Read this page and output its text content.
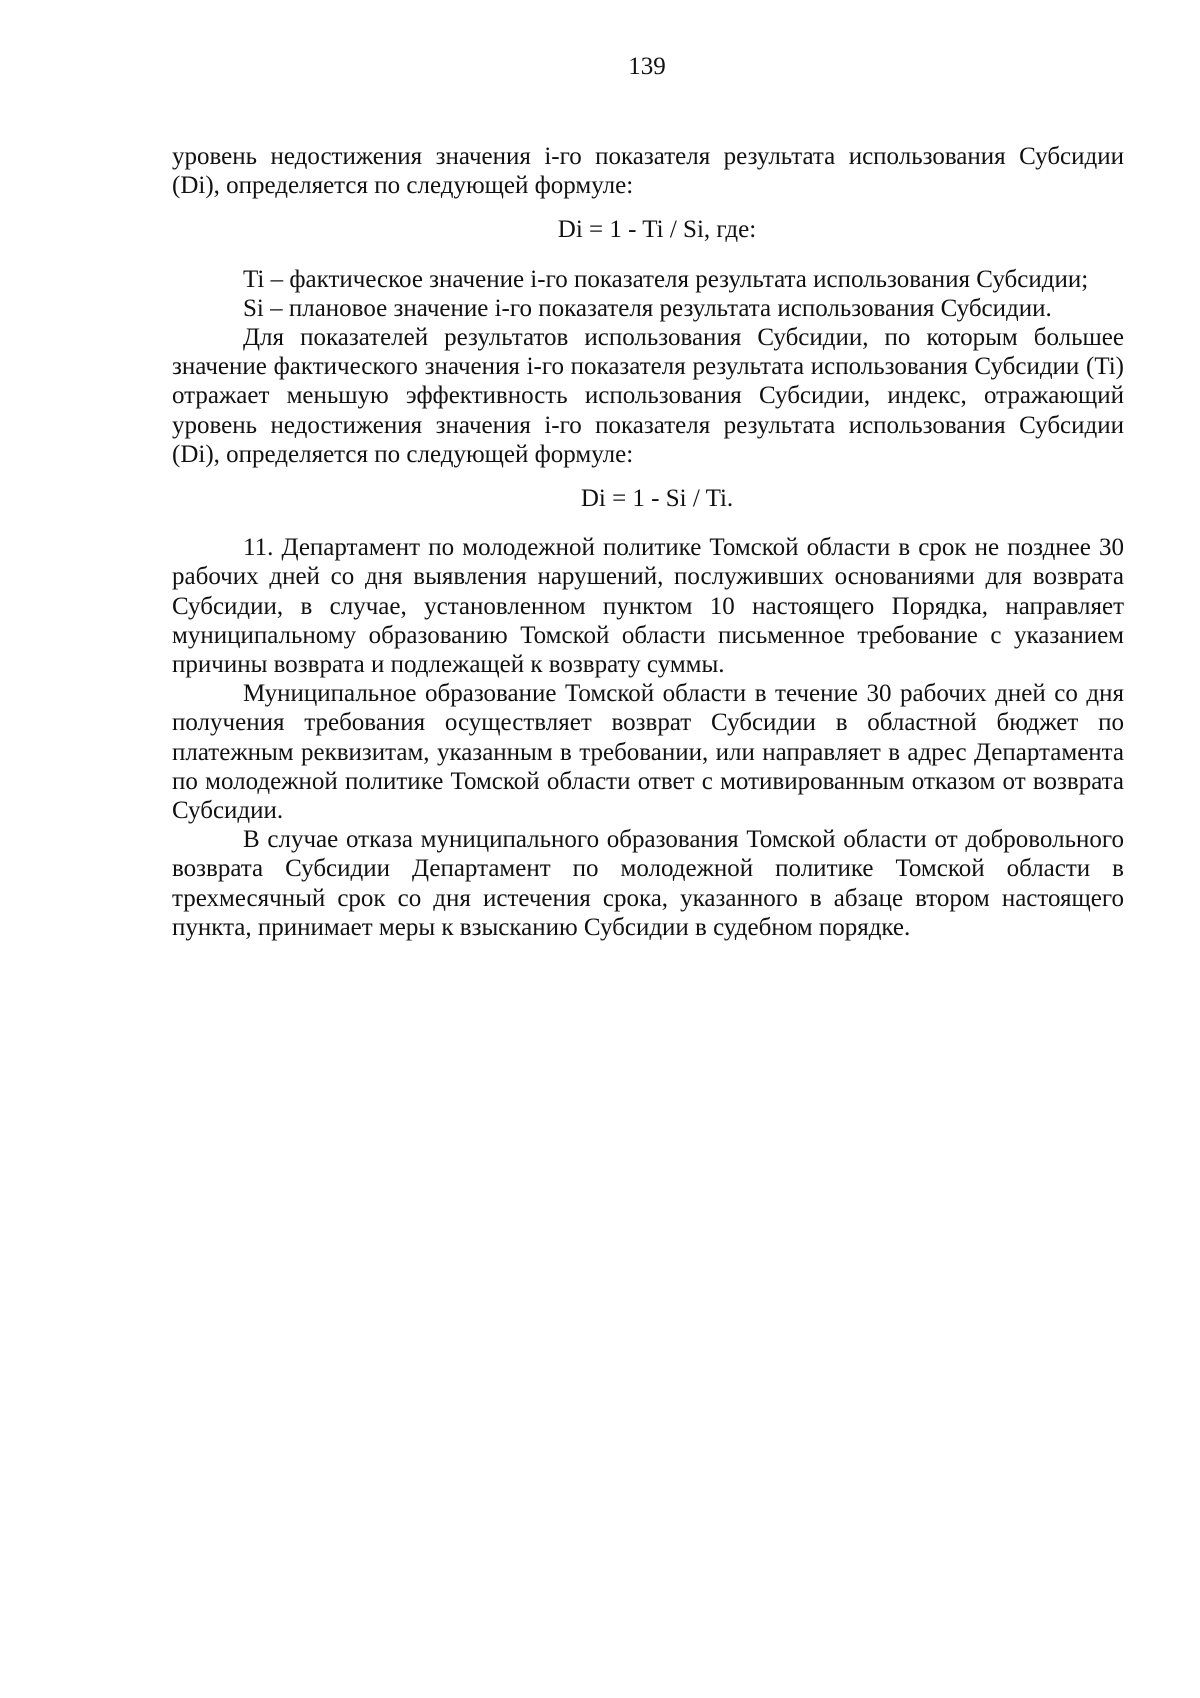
139

уровень недостижения значения i-го показателя результата использования Субсидии (Di), определяется по следующей формуле:

Di = 1 - Ti / Si, где:

Ti – фактическое значение i-го показателя результата использования Субсидии;

Si – плановое значение i-го показателя результата использования Субсидии.

Для показателей результатов использования Субсидии, по которым большее значение фактического значения i-го показателя результата использования Субсидии (Ti) отражает меньшую эффективность использования Субсидии, индекс, отражающий уровень недостижения значения i-го показателя результата использования Субсидии (Di), определяется по следующей формуле:

Di = 1 - Si / Ti.

11. Департамент по молодежной политике Томской области в срок не позднее 30 рабочих дней со дня выявления нарушений, послуживших основаниями для возврата Субсидии, в случае, установленном пунктом 10 настоящего Порядка, направляет муниципальному образованию Томской области письменное требование с указанием причины возврата и подлежащей к возврату суммы.

Муниципальное образование Томской области в течение 30 рабочих дней со дня получения требования осуществляет возврат Субсидии в областной бюджет по платежным реквизитам, указанным в требовании, или направляет в адрес Департамента по молодежной политике Томской области ответ с мотивированным отказом от возврата Субсидии.

В случае отказа муниципального образования Томской области от добровольного возврата Субсидии Департамент по молодежной политике Томской области в трехмесячный срок со дня истечения срока, указанного в абзаце втором настоящего пункта, принимает меры к взысканию Субсидии в судебном порядке.
